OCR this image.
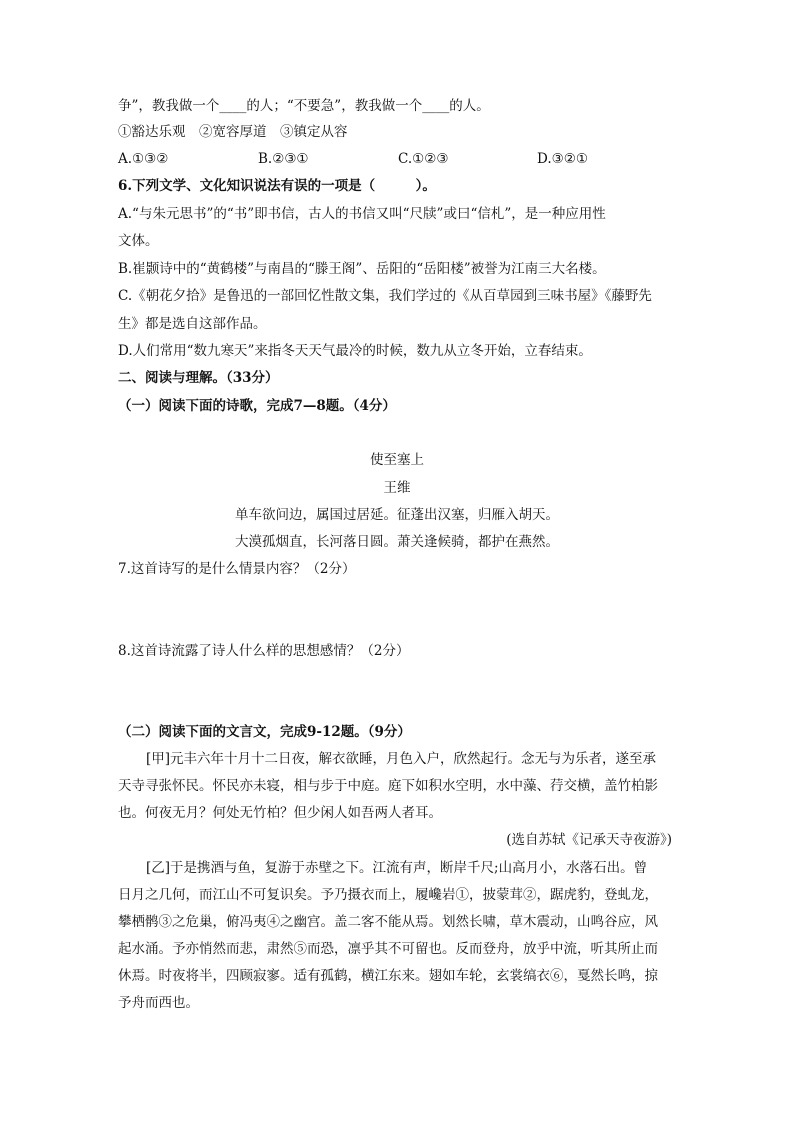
争”，教我做一个____的人；“不要急”，教我做一个____的人。
①豁达乐观　②宽容厚道　③镇定从容
A.①③②	B.②③①	C.①②③	D.③②①
6.下列文学、文化知识说法有误的一项是（　　　）。
A.“与朱元思书”的“书”即书信，古人的书信又叫“尺牍”或曰“信札”，是一种应用性
文体。
B.崔颢诗中的“黄鹤楼”与南昌的“滕王阁”、岳阳的“岳阳楼”被誉为江南三大名楼。
C.《朝花夕拾》是鲁迅的一部回忆性散文集，我们学过的《从百草园到三味书屋》《藤野先
生》都是选自这部作品。
D.人们常用“数九寒天”来指冬天天气最冷的时候，数九从立冬开始，立春结束。
二、阅读与理解。（33分）
（一）阅读下面的诗歌，完成7—8题。（4分）
使至塞上
王维
单车欲问边，属国过居延。征蓬出汉塞，归雁入胡天。
大漠孤烟直，长河落日圆。萧关逢候骑，都护在燕然。
7.这首诗写的是什么情景内容？（2分）
8.这首诗流露了诗人什么样的思想感情？（2分）
（二）阅读下面的文言文，完成9-12题。（9分）
[甲]元丰六年十月十二日夜，解衣欲睡，月色入户，欣然起行。念无与为乐者，遂至承
天寺寻张怀民。怀民亦未寝，相与步于中庭。庭下如积水空明，水中藻、荇交横，盖竹柏影
也。何夜无月？何处无竹柏？但少闲人如吾两人者耳。
(选自苏轼《记承天寺夜游》)
[乙]于是携酒与鱼，复游于赤壁之下。江流有声，断岸千尺;山高月小，水落石出。曾
日月之几何，而江山不可复识矣。予乃摄衣而上，履巉岩①，披蒙茸②，踞虎豹，登虬龙，
攀栖鹘③之危巢，俯冯夷④之幽宫。盖二客不能从焉。划然长啸，草木震动，山鸣谷应，风
起水涌。予亦悄然而悲，肃然⑤而恐，凛乎其不可留也。反而登舟，放乎中流，听其所止而
休焉。时夜将半，四顾寂寥。适有孤鹤，横江东来。翅如车轮，玄裳缟衣⑥，戛然长鸣，掠
予舟而西也。
